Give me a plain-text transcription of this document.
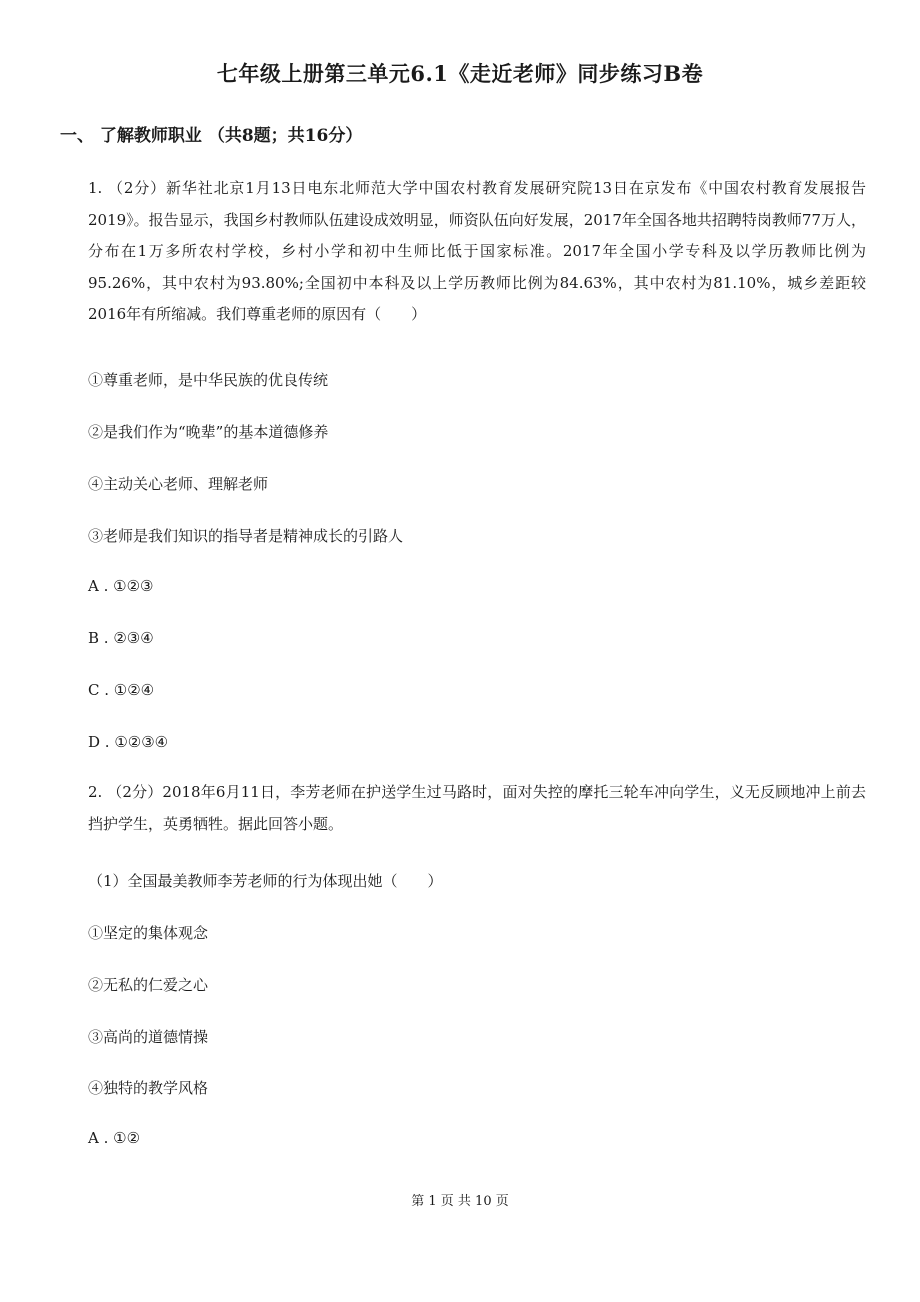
七年级上册第三单元6.1《走近老师》同步练习B卷
一、 了解教师职业 （共8题；共16分）
1. （2分）新华社北京1月13日电东北师范大学中国农村教育发展研究院13日在京发布《中国农村教育发展报告2019》。报告显示，我国乡村教师队伍建设成效明显，师资队伍向好发展，2017年全国各地共招聘特岗教师77万人，分布在1万多所农村学校，乡村小学和初中生师比低于国家标准。2017年全国小学专科及以学历教师比例为95.26%，其中农村为93.80%;全国初中本科及以上学历教师比例为84.63%，其中农村为81.10%，城乡差距较2016年有所缩减。我们尊重老师的原因有（　　）
①尊重老师，是中华民族的优良传统
②是我们作为“晚辈”的基本道德修养
④主动关心老师、理解老师
③老师是我们知识的指导者是精神成长的引路人
A . ①②③
B . ②③④
C . ①②④
D . ①②③④
2. （2分）2018年6月11日，李芳老师在护送学生过马路时，面对失控的摩托三轮车冲向学生，义无反顾地冲上前去挡护学生，英勇牺牲。据此回答小题。
（1）全国最美教师李芳老师的行为体现出她（　　）
①坚定的集体观念
②无私的仁爱之心
③高尚的道德情操
④独特的教学风格
A . ①②
第 1 页 共 10 页
